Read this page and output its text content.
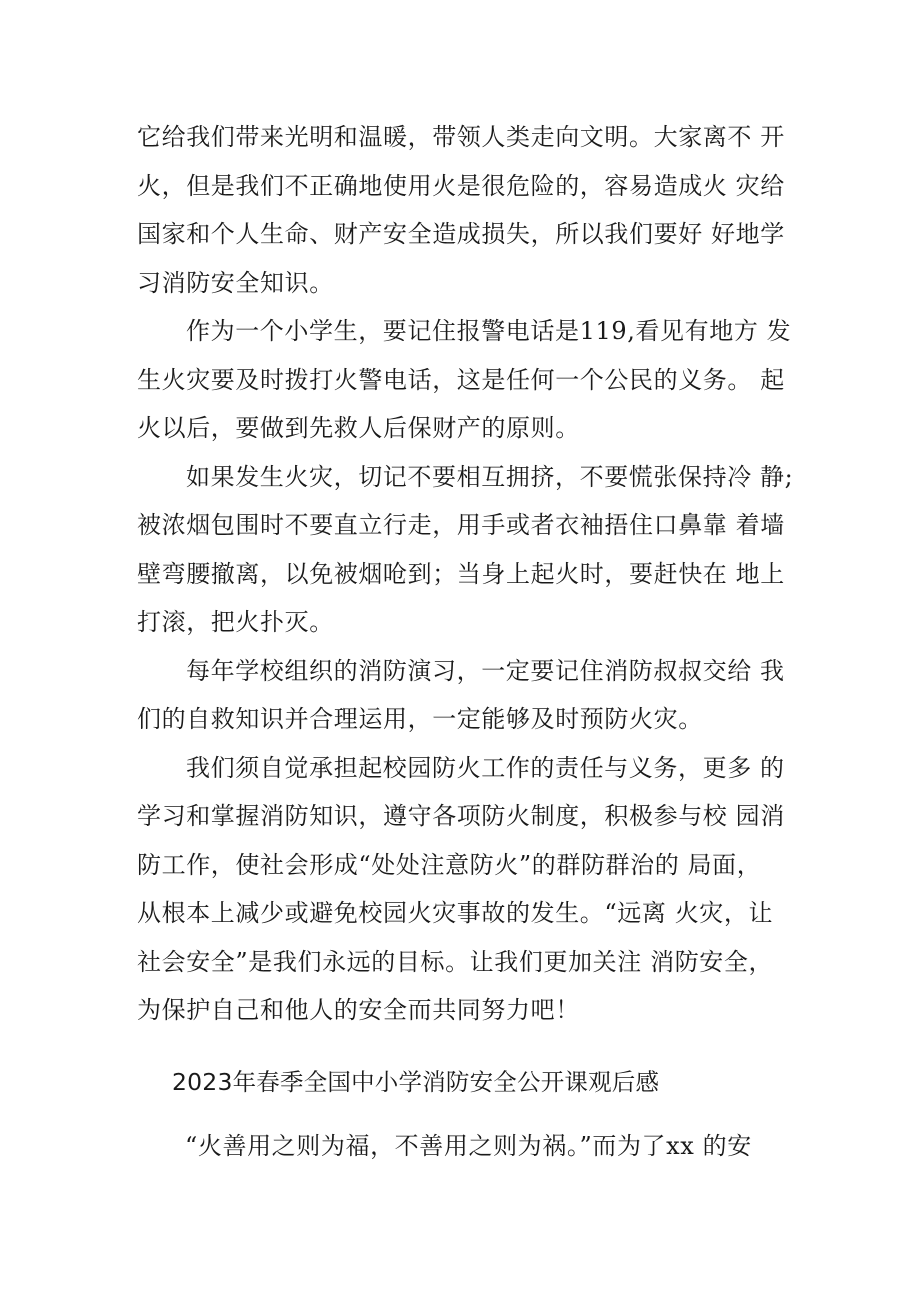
它给我们带来光明和温暖，带领人类走向文明。大家离不 开
火，但是我们不正确地使用火是很危险的，容易造成火 灾给
国家和个人生命、财产安全造成损失，所以我们要好 好地学
习消防安全知识。

作为一个小学生，要记住报警电话是119,看见有地方 发
生火灾要及时拨打火警电话，这是任何一个公民的义务。 起
火以后，要做到先救人后保财产的原则。

如果发生火灾，切记不要相互拥挤，不要慌张保持冷 静;
被浓烟包围时不要直立行走，用手或者衣袖捂住口鼻靠 着墙
壁弯腰撤离，以免被烟呛到；当身上起火时，要赶快在 地上
打滚，把火扑灭。

每年学校组织的消防演习，一定要记住消防叔叔交给 我
们的自救知识并合理运用，一定能够及时预防火灾。

我们须自觉承担起校园防火工作的责任与义务，更多 的
学习和掌握消防知识，遵守各项防火制度，积极参与校 园消
防工作，使社会形成“处处注意防火”的群防群治的 局面，
从根本上减少或避免校园火灾事故的发生。“远离 火灾，让
社会安全”是我们永远的目标。让我们更加关注 消防安全，
为保护自己和他人的安全而共同努力吧！

2023年春季全国中小学消防安全公开课观后感
“火善用之则为福，不善用之则为祸。”而为了xx 的安
